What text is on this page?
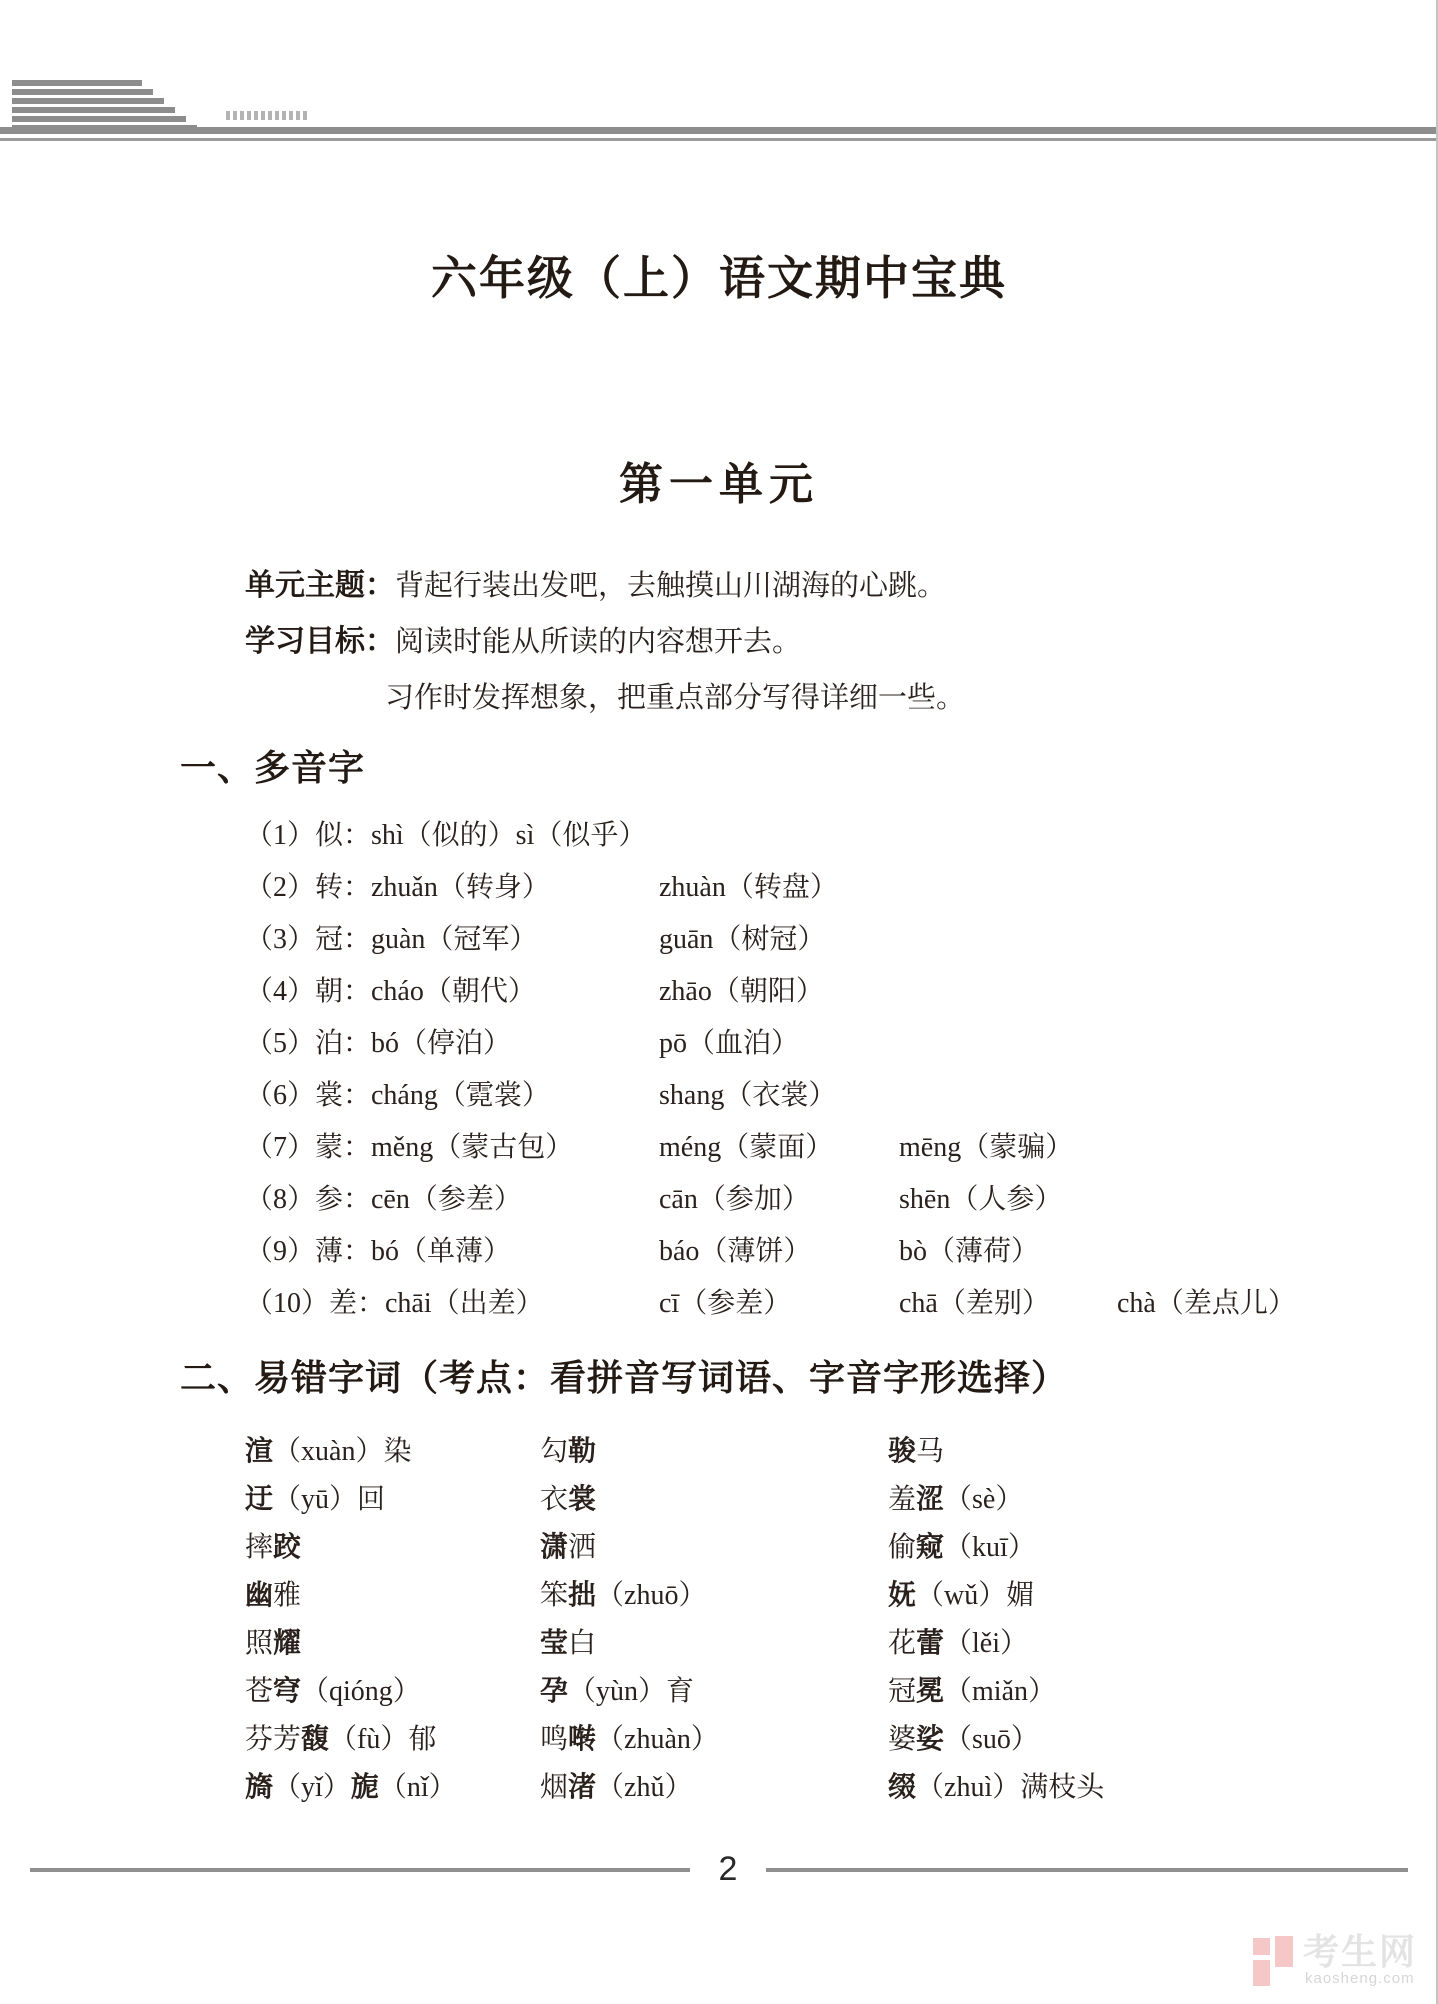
六年级（上）语文期中宝典
第一单元
单元主题：背起行装出发吧，去触摸山川湖海的心跳。
学习目标：阅读时能从所读的内容想开去。
习作时发挥想象，把重点部分写得详细一些。
一、多音字
（1）似：shì（似的）sì（似乎）
（2）转：zhuǎn（转身）	zhuàn（转盘）
（3）冠：guàn（冠军）	guān（树冠）
（4）朝：cháo（朝代）	zhāo（朝阳）
（5）泊：bó（停泊）	pō（血泊）
（6）裳：cháng（霓裳）	shang（衣裳）
（7）蒙：měng（蒙古包）	méng（蒙面） mēng（蒙骗）
（8）参：cēn（参差）	cān（参加）	shēn（人参）
（9）薄：bó（单薄）	báo（薄饼）	bò（薄荷）
（10）差：chāi（出差）	cī（参差）	chā（差别） chà（差点儿）
二、易错字词（考点：看拼音写词语、字音字形选择）
渲（xuàn）染	勾勒	骏马
迂（yū）回	衣裳	羞涩（sè）
摔跤	潇洒	偷窥（kuī）
幽雅	笨拙（zhuō）	妩（wǔ）媚
照耀	莹白	花蕾（lěi）
苍穹（qióng）	孕（yùn）育	冠冕（miǎn）
芬芳馥（fù）郁	鸣啭（zhuàn）	婆娑（suō）
旖（yǐ）旎（nǐ）	烟渚（zhǔ）	缀（zhuì）满枝头
2
考生网
kaosheng.com
